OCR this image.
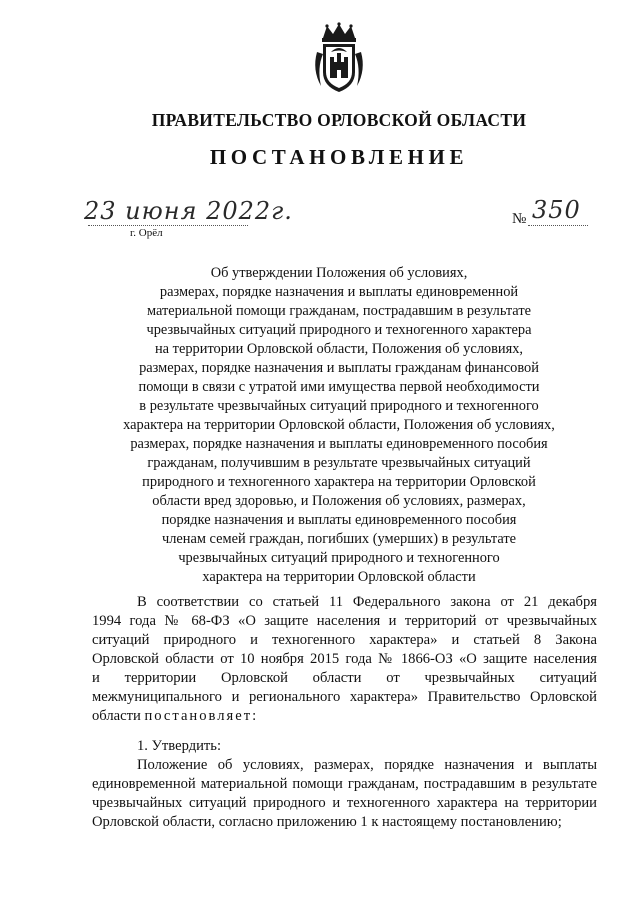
ПРАВИТЕЛЬСТВО ОРЛОВСКОЙ ОБЛАСТИ
ПОСТАНОВЛЕНИЕ
23 июня 2022г.
г. Орёл
№ 350
Об утверждении Положения об условиях,
размерах, порядке назначения и выплаты единовременной
материальной помощи гражданам, пострадавшим в результате
чрезвычайных ситуаций природного и техногенного характера
на территории Орловской области, Положения об условиях,
размерах, порядке назначения и выплаты гражданам финансовой
помощи в связи с утратой ими имущества первой необходимости
в результате чрезвычайных ситуаций природного и техногенного
характера на территории Орловской области, Положения об условиях,
размерах, порядке назначения и выплаты единовременного пособия
гражданам, получившим в результате чрезвычайных ситуаций
природного и техногенного характера на территории Орловской
области вред здоровью, и Положения об условиях, размерах,
порядке назначения и выплаты единовременного пособия
членам семей граждан, погибших (умерших) в результате
чрезвычайных ситуаций природного и техногенного
характера на территории Орловской области
В соответствии со статьей 11 Федерального закона от 21 декабря
1994 года № 68-ФЗ «О защите населения и территорий от чрезвычайных
ситуаций природного и техногенного характера» и статьей 8 Закона
Орловской области от 10 ноября 2015 года № 1866-ОЗ «О защите населения
и территории Орловской области от чрезвычайных ситуаций
межмуниципального и регионального характера» Правительство Орловской
области постановляет:
1. Утвердить:
Положение об условиях, размерах, порядке назначения и выплаты
единовременной материальной помощи гражданам, пострадавшим в результате
чрезвычайных ситуаций природного и техногенного характера на территории
Орловской области, согласно приложению 1 к настоящему постановлению;
